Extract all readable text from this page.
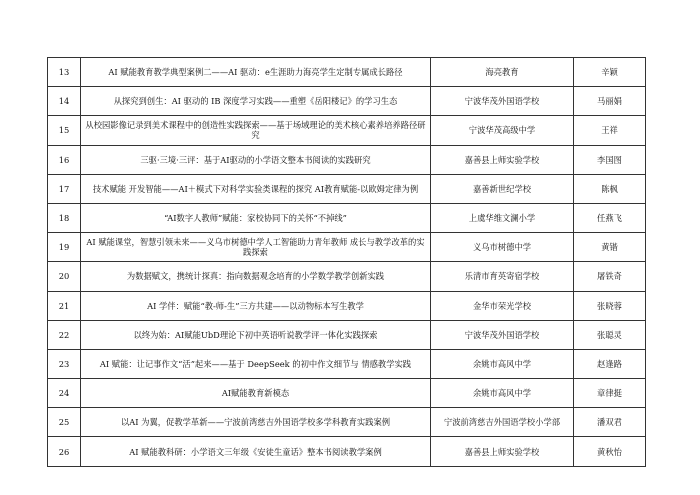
13	AI 赋能教育教学典型案例二——AI 驱动：e生涯助力海亮学生定制专属成长路径	海亮教育	辛颖
14	从探究到创生：AI 驱动的 IB 深度学习实践——重塑《岳阳楼记》的学习生态	宁波华茂外国语学校	马丽娟
15	从校园影像记录到美术课程中的创造性实践探索——基于场域理论的美术核心素养培养路径研究	宁波华茂高级中学	王祥
16	三驱·三境·三评：基于AI驱动的小学语文整本书阅读的实践研究	嘉善县上师实验学校	李国图
17	技术赋能 开发智能——AI＋模式下对科学实验类课程的探究 AI教育赋能-以欧姆定律为例	嘉善新世纪学校	陈枫
18	“AI数字人教师”赋能：家校协同下的关怀“不掉线”	上虞华维文澜小学	任燕飞
19	AI 赋能课堂，智慧引领未来——义乌市树德中学人工智能助力青年教师 成长与教学改革的实践探索	义乌市树德中学	黄锴
20	为数据赋文，携统计探真：指向数据观念培育的小学数学教学创新实践	乐清市育英寄宿学校	屠铁奇
21	AI 学伴：赋能“教-师-生”三方共建——以动物标本写生教学	金华市荣光学校	张晓蓉
22	以终为始：AI赋能UbD理论下初中英语听说教学评一体化实践探索	宁波华茂外国语学校	张聪灵
23	AI 赋能：让记事作文“活”起来——基于 DeepSeek 的初中作文细节与 情感教学实践	余姚市高风中学	赵逢路
24	AI赋能教育新模态	余姚市高风中学	章律挺
25	以AI 为翼，促教学革新——宁波前湾慈吉外国语学校多学科教育实践案例	宁波前湾慈吉外国语学校小学部	潘双君
26	AI 赋能教科研：小学语文三年级《安徒生童话》整本书阅读教学案例	嘉善县上师实验学校	黄秋怡
